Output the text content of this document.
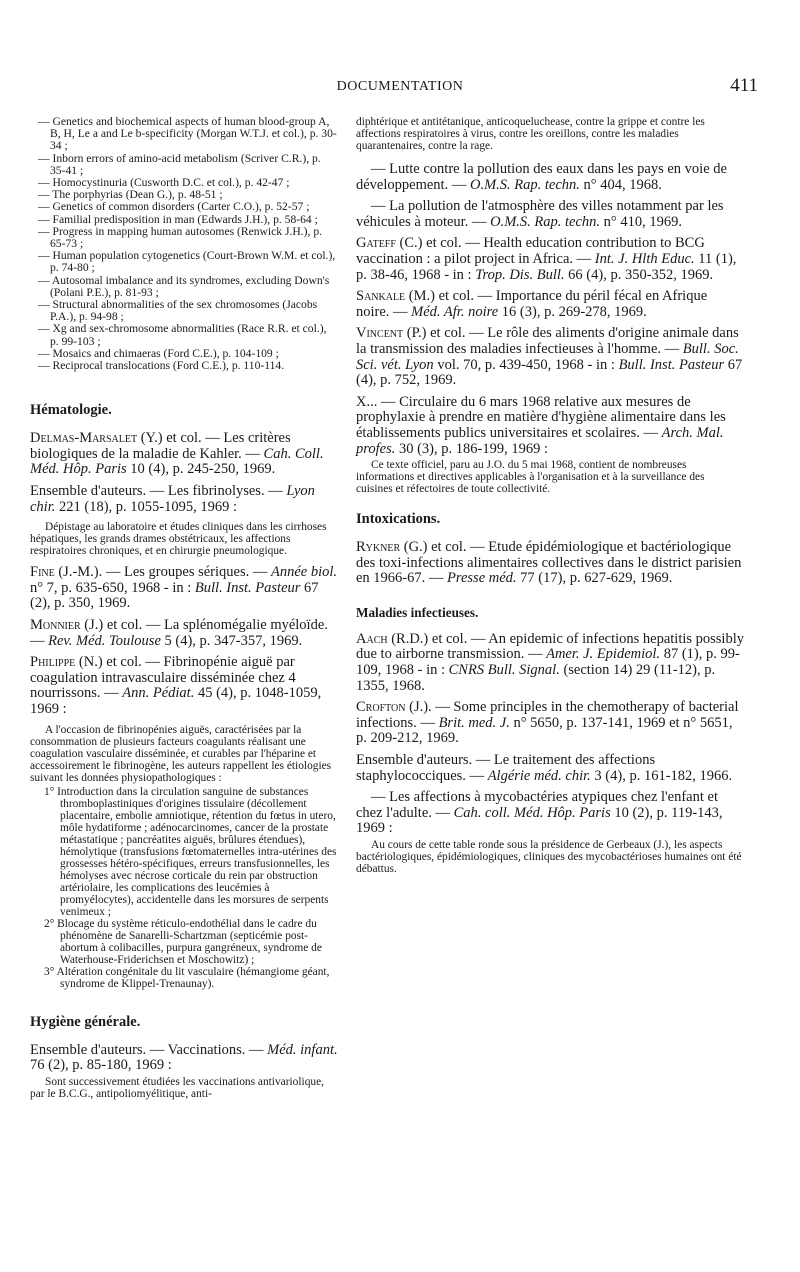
DOCUMENTATION	411

— Genetics and biochemical aspects of human blood-group A, B, H, Le a and Le b-specificity (Morgan W.T.J. et col.), p. 30-34 ;

— Inborn errors of amino-acid metabolism (Scriver C.R.), p. 35-41 ;

— Homocystinuria (Cusworth D.C. et col.), p. 42-47 ;

— The porphyrias (Dean G.), p. 48-51 ;

— Genetics of common disorders (Carter C.O.), p. 52-57 ;

— Familial predisposition in man (Edwards J.H.), p. 58-64 ;

— Progress in mapping human autosomes (Renwick J.H.), p. 65-73 ;

— Human population cytogenetics (Court-Brown W.M. et col.), p. 74-80 ;

— Autosomal imbalance and its syndromes, excluding Down's (Polani P.E.), p. 81-93 ;

— Structural abnormalities of the sex chromosomes (Jacobs P.A.), p. 94-98 ;

— Xg and sex-chromosome abnormalities (Race R.R. et col.), p. 99-103 ;

— Mosaics and chimaeras (Ford C.E.), p. 104-109 ;

— Reciprocal translocations (Ford C.E.), p. 110-114.

Hématologie.

Delmas-Marsalet (Y.) et col. — Les critères biologiques de la maladie de Kahler. — Cah. Coll. Méd. Hôp. Paris 10 (4), p. 245-250, 1969.

Ensemble d'auteurs. — Les fibrinolyses. — Lyon chir. 221 (18), p. 1055-1095, 1969 :

Dépistage au laboratoire et études cliniques dans les cirrhoses hépatiques, les grands drames obstétricaux, les affections respiratoires chroniques, et en chirurgie pneumologique.

Fine (J.-M.). — Les groupes sériques. — Année biol. n° 7, p. 635-650, 1968 - in : Bull. Inst. Pasteur 67 (2), p. 350, 1969.

Monnier (J.) et col. — La splénomégalie myéloïde. — Rev. Méd. Toulouse 5 (4), p. 347-357, 1969.

Philippe (N.) et col. — Fibrinopénie aiguë par coagulation intravasculaire disséminée chez 4 nourrissons. — Ann. Pédiat. 45 (4), p. 1048-1059, 1969 :

A l'occasion de fibrinopénies aiguës, caractérisées par la consommation de plusieurs facteurs coagulants réalisant une coagulation vasculaire disséminée, et curables par l'héparine et accessoirement le fibrinogène, les auteurs rappellent les étiologies suivant les données physiopathologiques :

1° Introduction dans la circulation sanguine de substances thromboplastiniques d'origines tissulaire (décollement placentaire, embolie amniotique, rétention du fœtus in utero, môle hydatiforme ; adénocarcinomes, cancer de la prostate métastatique ; pancréatites aiguës, brûlures étendues), hémolytique (transfusions fœtomaternelles intra-utérines des grossesses hétéro-spécifiques, erreurs transfusionnelles, les hémolyses avec nécrose corticale du rein par obstruction artériolaire, les complications des leucémies à promyélocytes), accidentelle dans les morsures de serpents venimeux ;

2° Blocage du système réticulo-endothélial dans le cadre du phénomène de Sanarelli-Schartzman (septicémie post-abortum à colibacilles, purpura gangréneux, syndrome de Waterhouse-Friderichsen et Moschowitz) ;

3° Altération congénitale du lit vasculaire (hémangiome géant, syndrome de Klippel-Trenaunay).

Hygiène générale.

Ensemble d'auteurs. — Vaccinations. — Méd. infant. 76 (2), p. 85-180, 1969 :

Sont successivement étudiées les vaccinations antivariolique, par le B.C.G., antipoliomyélitique, anti-

diphtérique et antitétanique, anticoqueluchease, contre la grippe et contre les affections respiratoires à virus, contre les oreillons, contre les maladies quarantenaires, contre la rage.

— Lutte contre la pollution des eaux dans les pays en voie de développement. — O.M.S. Rap. techn. n° 404, 1968.

— La pollution de l'atmosphère des villes notamment par les véhicules à moteur. — O.M.S. Rap. techn. n° 410, 1969.

Gateff (C.) et col. — Health education contribution to BCG vaccination : a pilot project in Africa. — Int. J. Hlth Educ. 11 (1), p. 38-46, 1968 - in : Trop. Dis. Bull. 66 (4), p. 350-352, 1969.

Sankale (M.) et col. — Importance du péril fécal en Afrique noire. — Méd. Afr. noire 16 (3), p. 269-278, 1969.

Vincent (P.) et col. — Le rôle des aliments d'origine animale dans la transmission des maladies infectieuses à l'homme. — Bull. Soc. Sci. vét. Lyon vol. 70, p. 439-450, 1968 - in : Bull. Inst. Pasteur 67 (4), p. 752, 1969.

X... — Circulaire du 6 mars 1968 relative aux mesures de prophylaxie à prendre en matière d'hygiène alimentaire dans les établissements publics universitaires et scolaires. — Arch. Mal. profes. 30 (3), p. 186-199, 1969 :

Ce texte officiel, paru au J.O. du 5 mai 1968, contient de nombreuses informations et directives applicables à l'organisation et à la surveillance des cuisines et réfectoires de toute collectivité.

Intoxications.

Rykner (G.) et col. — Etude épidémiologique et bactériologique des toxi-infections alimentaires collectives dans le district parisien en 1966-67. — Presse méd. 77 (17), p. 627-629, 1969.

Maladies infectieuses.

Aach (R.D.) et col. — An epidemic of infections hepatitis possibly due to airborne transmission. — Amer. J. Epidemiol. 87 (1), p. 99-109, 1968 - in : CNRS Bull. Signal. (section 14) 29 (11-12), p. 1355, 1968.

Crofton (J.). — Some principles in the chemotherapy of bacterial infections. — Brit. med. J. n° 5650, p. 137-141, 1969 et n° 5651, p. 209-212, 1969.

Ensemble d'auteurs. — Le traitement des affections staphylococciques. — Algérie méd. chir. 3 (4), p. 161-182, 1966.

— Les affections à mycobactéries atypiques chez l'enfant et chez l'adulte. — Cah. coll. Méd. Hôp. Paris 10 (2), p. 119-143, 1969 :

Au cours de cette table ronde sous la présidence de Gerbeaux (J.), les aspects bactériologiques, épidémiologiques, cliniques des mycobactérioses humaines ont été débattus.
